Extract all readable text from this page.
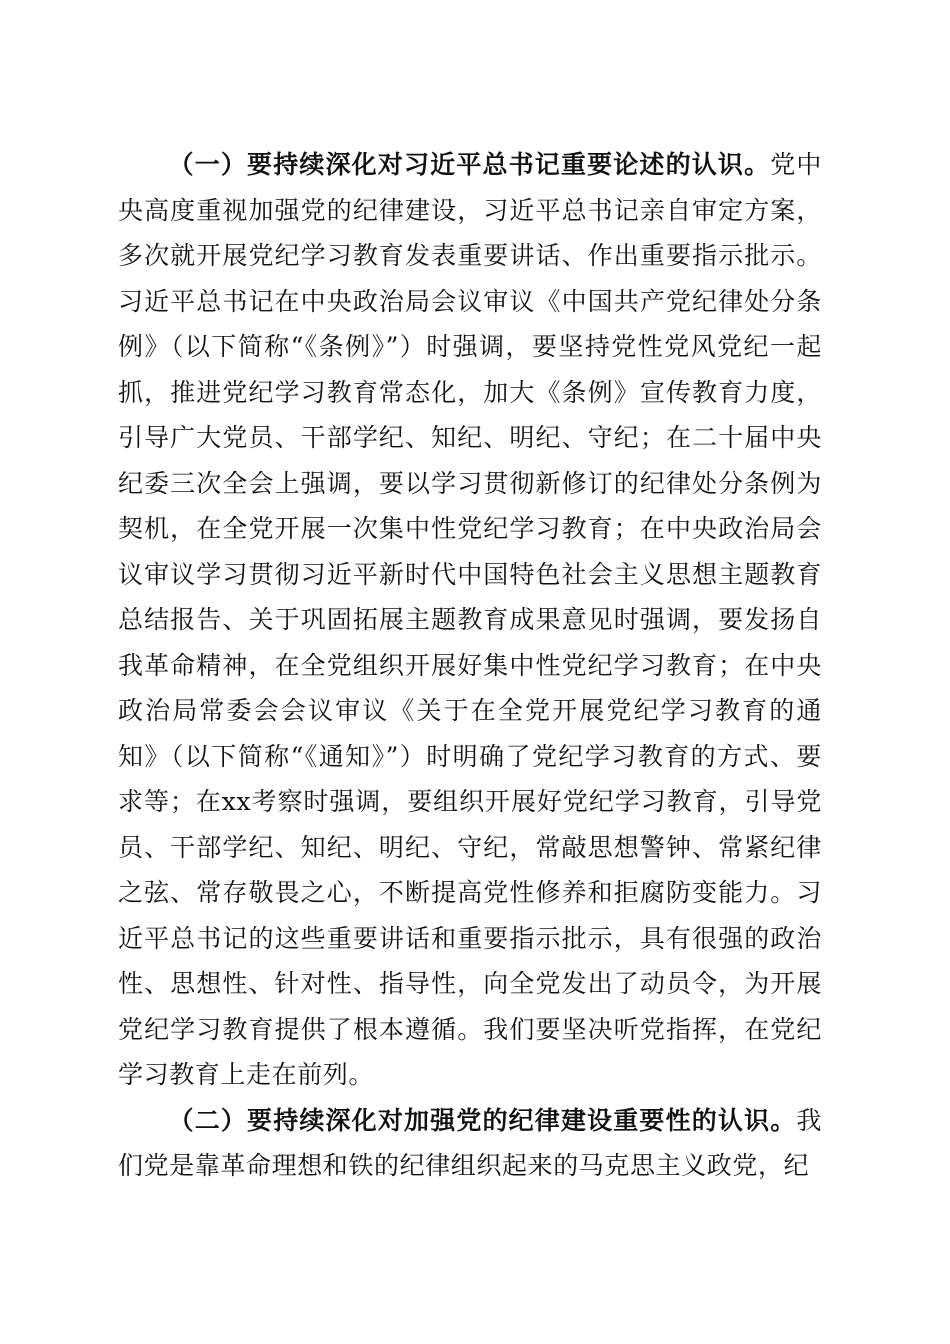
（一）要持续深化对习近平总书记重要论述的认识。党中央高度重视加强党的纪律建设，习近平总书记亲自审定方案，多次就开展党纪学习教育发表重要讲话、作出重要指示批示。习近平总书记在中央政治局会议审议《中国共产党纪律处分条例》（以下简称“《条例》”）时强调，要坚持党性党风党纪一起抓，推进党纪学习教育常态化，加大《条例》宣传教育力度，引导广大党员、干部学纪、知纪、明纪、守纪；在二十届中央纪委三次全会上强调，要以学习贯彻新修订的纪律处分条例为契机，在全党开展一次集中性党纪学习教育；在中央政治局会议审议学习贯彻习近平新时代中国特色社会主义思想主题教育总结报告、关于巩固拓展主题教育成果意见时强调，要发扬自我革命精神，在全党组织开展好集中性党纪学习教育；在中央政治局常委会会议审议《关于在全党开展党纪学习教育的通知》（以下简称“《通知》”）时明确了党纪学习教育的方式、要求等；在xx考察时强调，要组织开展好党纪学习教育，引导党员、干部学纪、知纪、明纪、守纪，常敲思想警钟、常紧纪律之弦、常存敬畏之心，不断提高党性修养和拒腐防变能力。习近平总书记的这些重要讲话和重要指示批示，具有很强的政治性、思想性、针对性、指导性，向全党发出了动员令，为开展党纪学习教育提供了根本遵循。我们要坚决听党指挥，在党纪学习教育上走在前列。

（二）要持续深化对加强党的纪律建设重要性的认识。我们党是靠革命理想和铁的纪律组织起来的马克思主义政党，纪
